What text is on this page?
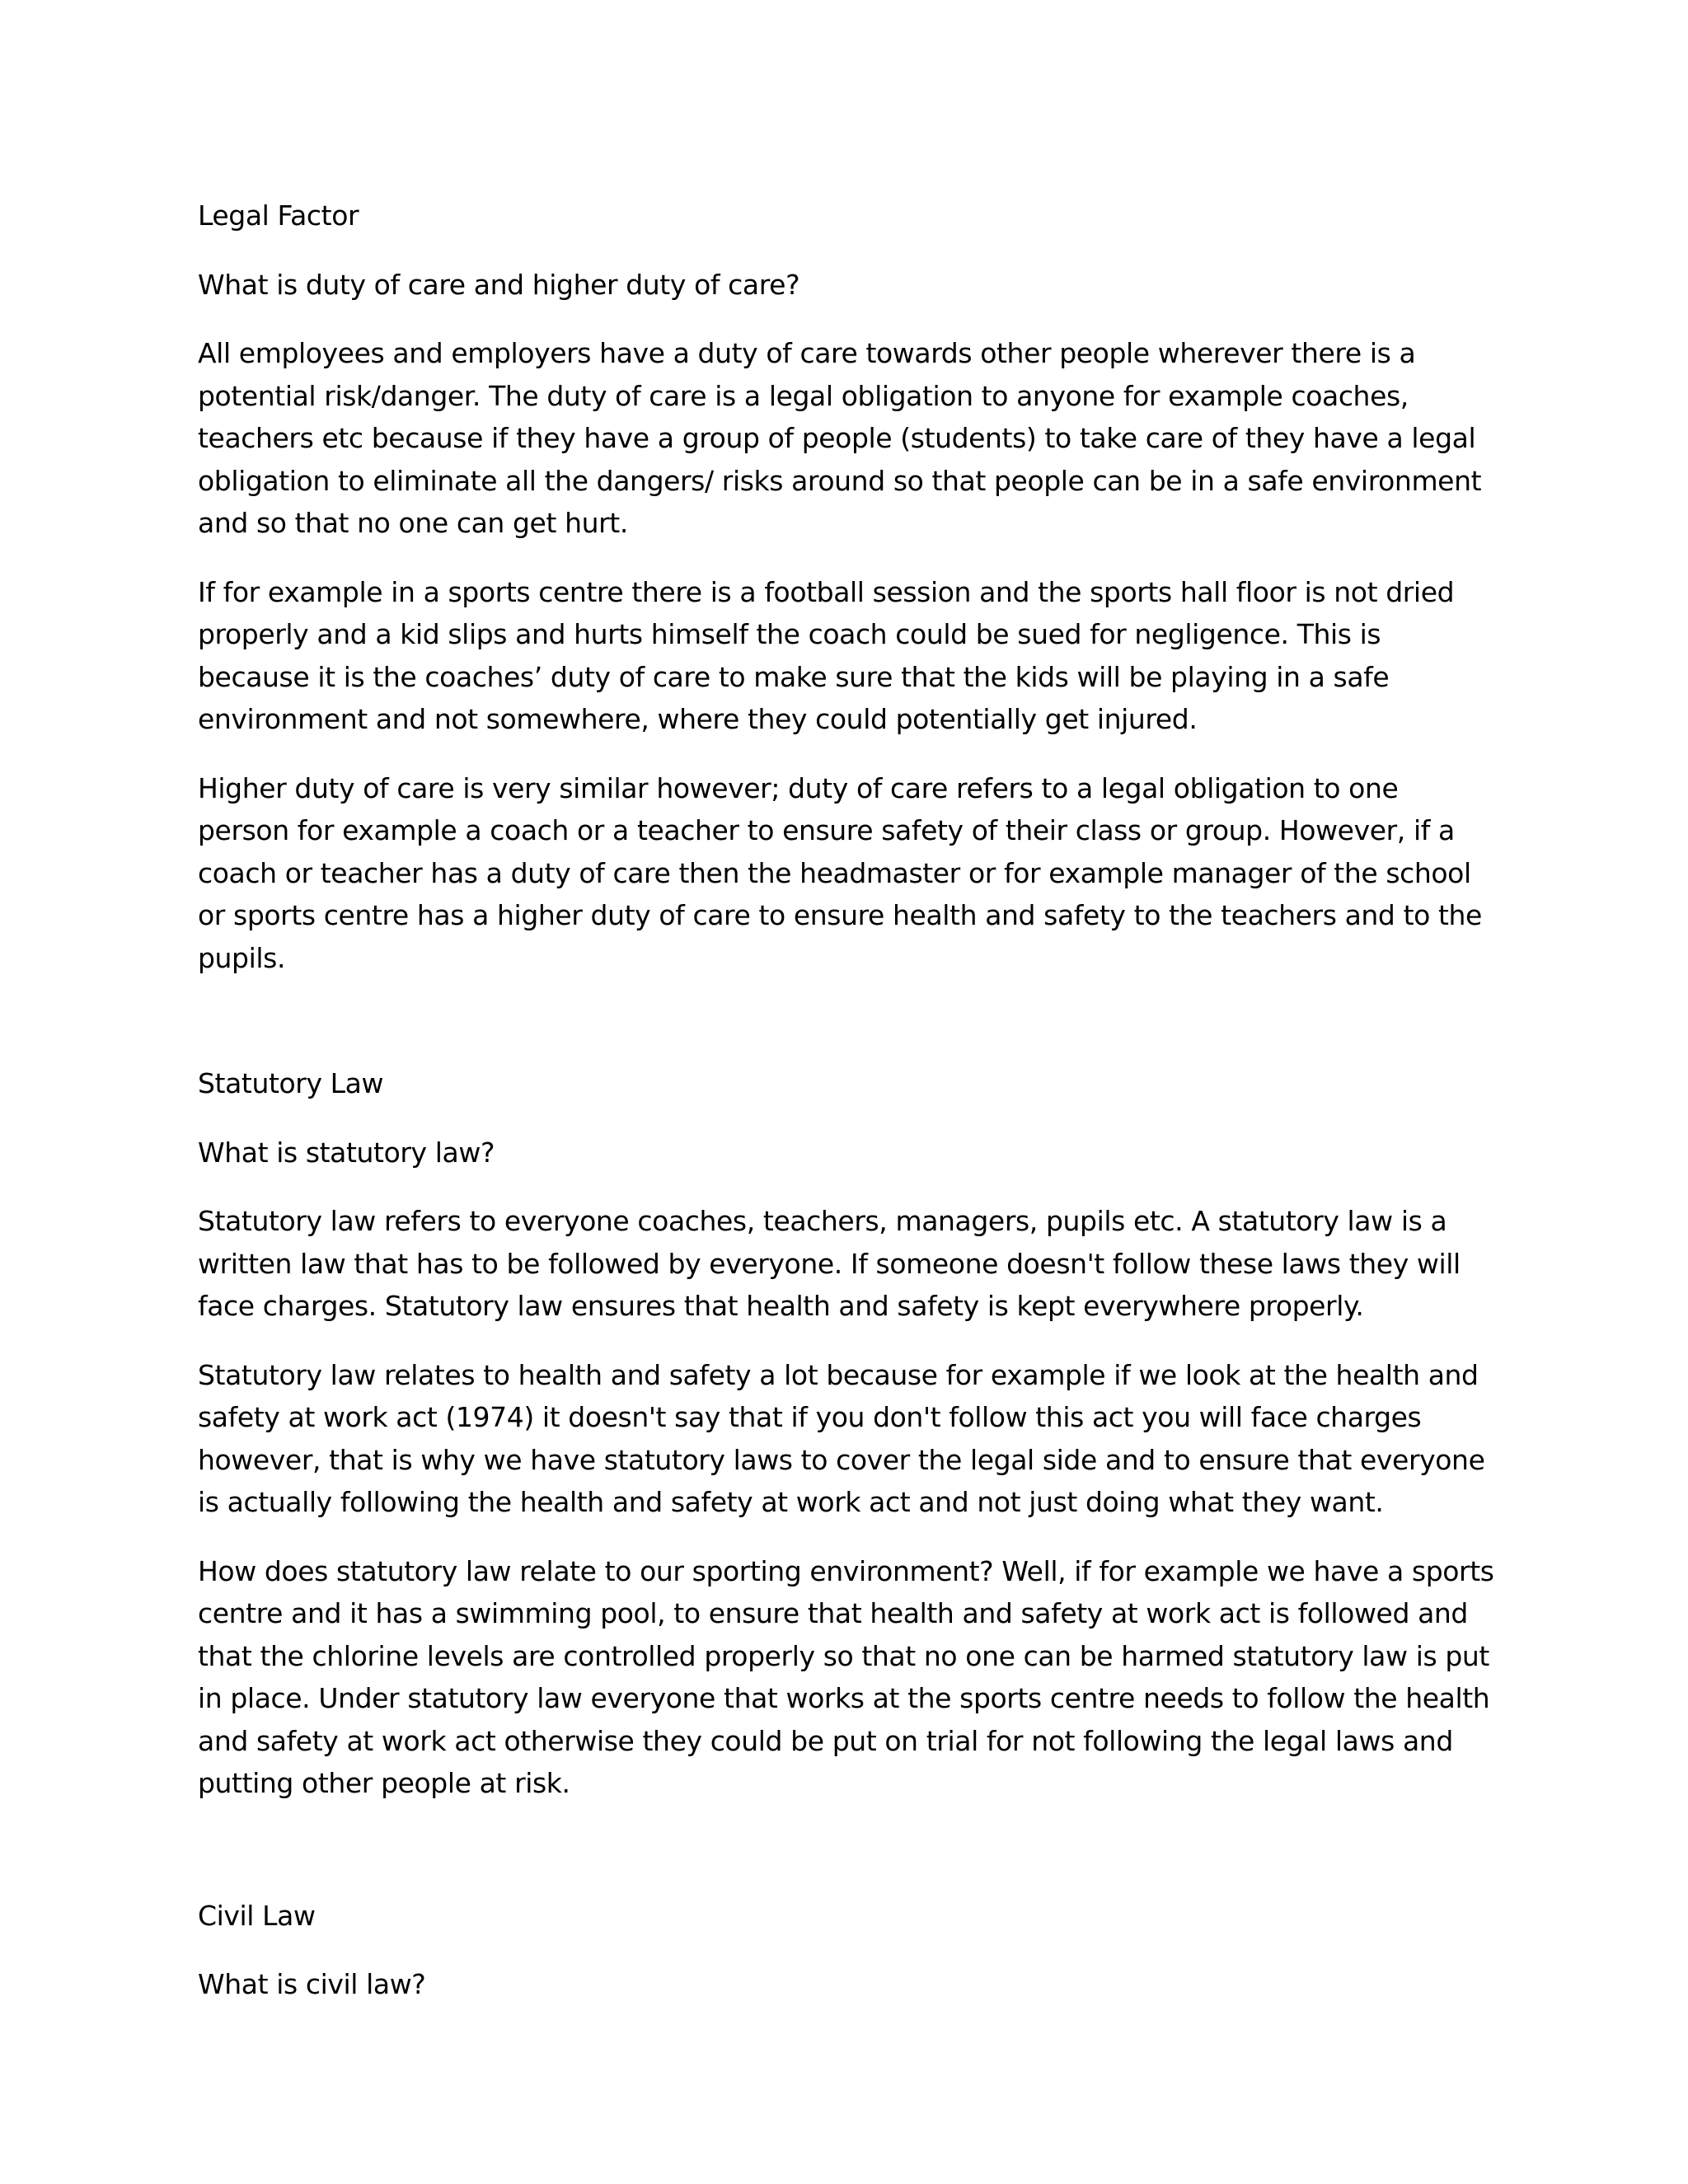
Legal Factor

What is duty of care and higher duty of care?

All employees and employers have a duty of care towards other people wherever there is a potential risk/danger. The duty of care is a legal obligation to anyone for example coaches, teachers etc because if they have a group of people (students) to take care of they have a legal obligation to eliminate all the dangers/ risks around so that people can be in a safe environment and so that no one can get hurt.

If for example in a sports centre there is a football session and the sports hall floor is not dried properly and a kid slips and hurts himself the coach could be sued for negligence. This is because it is the coaches’ duty of care to make sure that the kids will be playing in a safe environment and not somewhere, where they could potentially get injured.

Higher duty of care is very similar however; duty of care refers to a legal obligation to one person for example a coach or a teacher to ensure safety of their class or group. However, if a coach or teacher has a duty of care then the headmaster or for example manager of the school or sports centre has a higher duty of care to ensure health and safety to the teachers and to the pupils.

Statutory Law

What is statutory law?

Statutory law refers to everyone coaches, teachers, managers, pupils etc. A statutory law is a written law that has to be followed by everyone. If someone doesn't follow these laws they will face charges. Statutory law ensures that health and safety is kept everywhere properly.

Statutory law relates to health and safety a lot because for example if we look at the health and safety at work act (1974) it doesn't say that if you don't follow this act you will face charges however, that is why we have statutory laws to cover the legal side and to ensure that everyone is actually following the health and safety at work act and not just doing what they want.

How does statutory law relate to our sporting environment? Well, if for example we have a sports centre and it has a swimming pool, to ensure that health and safety at work act is followed and that the chlorine levels are controlled properly so that no one can be harmed statutory law is put in place. Under statutory law everyone that works at the sports centre needs to follow the health and safety at work act otherwise they could be put on trial for not following the legal laws and putting other people at risk.

Civil Law

What is civil law?
